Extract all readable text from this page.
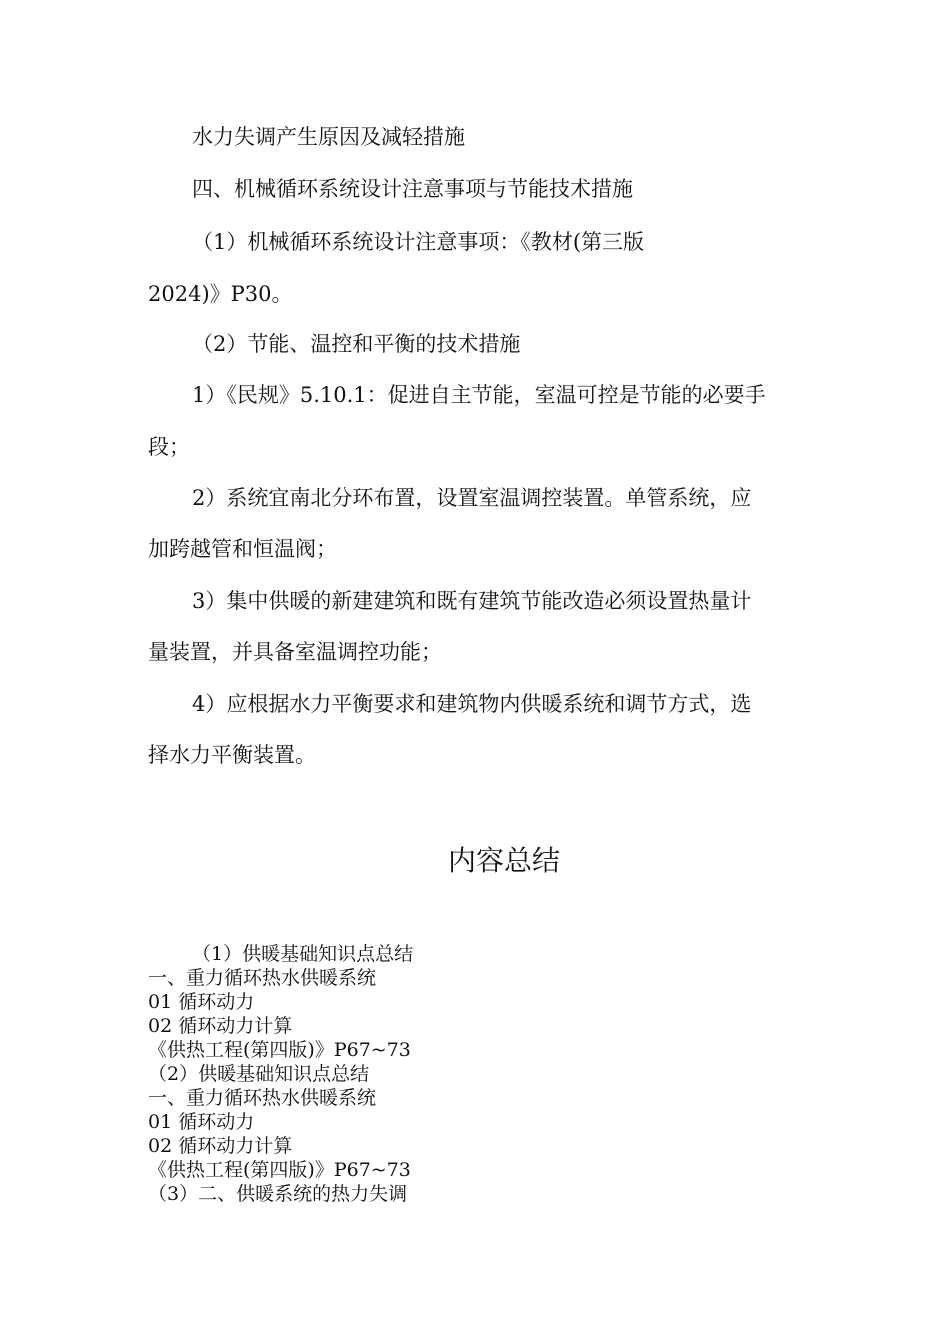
水力失调产生原因及减轻措施
四、机械循环系统设计注意事项与节能技术措施
（1）机械循环系统设计注意事项：《教材(第三版
2024)》P30。
（2）节能、温控和平衡的技术措施
1）《民规》5.10.1：促进自主节能，室温可控是节能的必要手
段；
2）系统宜南北分环布置，设置室温调控装置。单管系统，应
加跨越管和恒温阀；
3）集中供暖的新建建筑和既有建筑节能改造必须设置热量计
量装置，并具备室温调控功能；
4）应根据水力平衡要求和建筑物内供暖系统和调节方式，选
择水力平衡装置。
内容总结
（1）供暖基础知识点总结
一、重力循环热水供暖系统
01 循环动力
02 循环动力计算
《供热工程(第四版)》P67~73
（2）供暖基础知识点总结
一、重力循环热水供暖系统
01 循环动力
02 循环动力计算
《供热工程(第四版)》P67~73
（3）二、供暖系统的热力失调
